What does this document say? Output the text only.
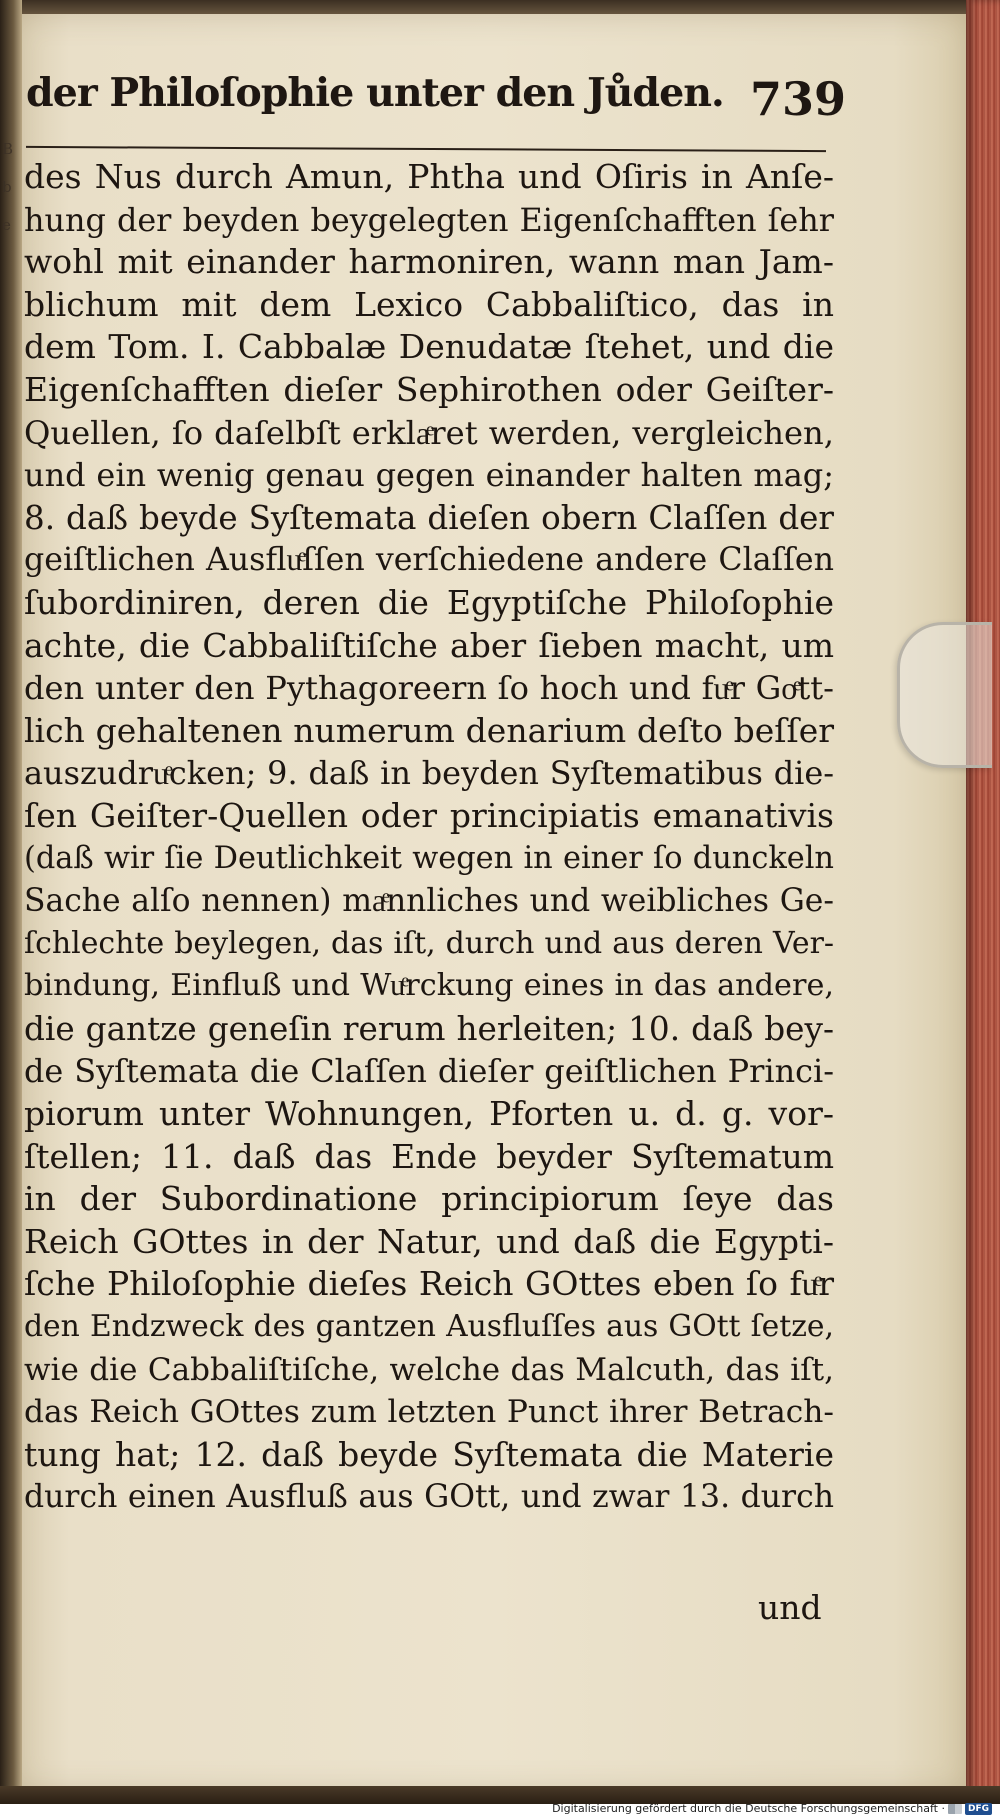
B
b
e
der Philoſophie unter den Jůden. 739
des Nus durch Amun, Phtha und Oſiris in Anſe-
hung der beyden beygelegten Eigenſchafften ſehr
wohl mit einander harmoniren, wann man Jam-
blichum mit dem Lexico Cabbaliſtico, das in
dem Tom. I. Cabbalæ Denudatæ ſtehet, und die
Eigenſchafften dieſer Sephirothen oder Geiſter-
Quellen, ſo daſelbſt erklaͤret werden, vergleichen,
und ein wenig genau gegen einander halten mag;
8. daß beyde Syſtemata dieſen obern Claſſen der
geiſtlichen Ausfluͤſſen verſchiedene andere Claſſen
ſubordiniren, deren die Egyptiſche Philoſophie
achte, die Cabbaliſtiſche aber ſieben macht, um
den unter den Pythagoreern ſo hoch und fuͤr Goͤtt-
lich gehaltenen numerum denarium deſto beſſer
auszudruͤcken; 9. daß in beyden Syſtematibus die-
ſen Geiſter-Quellen oder principiatis emanativis
(daß wir ſie Deutlichkeit wegen in einer ſo dunckeln
Sache alſo nennen) maͤnnliches und weibliches Ge-
ſchlechte beylegen, das iſt, durch und aus deren Ver-
bindung, Einfluß und Wuͤrckung eines in das andere,
die gantze geneſin rerum herleiten; 10. daß bey-
de Syſtemata die Claſſen dieſer geiſtlichen Princi-
piorum unter Wohnungen, Pforten u. d. g. vor-
ſtellen; 11. daß das Ende beyder Syſtematum
in der Subordinatione principiorum ſeye das
Reich GOttes in der Natur, und daß die Egypti-
ſche Philoſophie dieſes Reich GOttes eben ſo fuͤr
den Endzweck des gantzen Ausfluſſes aus GOtt ſetze,
wie die Cabbaliſtiſche, welche das Malcuth, das iſt,
das Reich GOttes zum letzten Punct ihrer Betrach-
tung hat; 12. daß beyde Syſtemata die Materie
durch einen Ausfluß aus GOtt, und zwar 13. durch
und
Digitalisierung gefördert durch die Deutsche Forschungsgemeinschaft ·	DFG
